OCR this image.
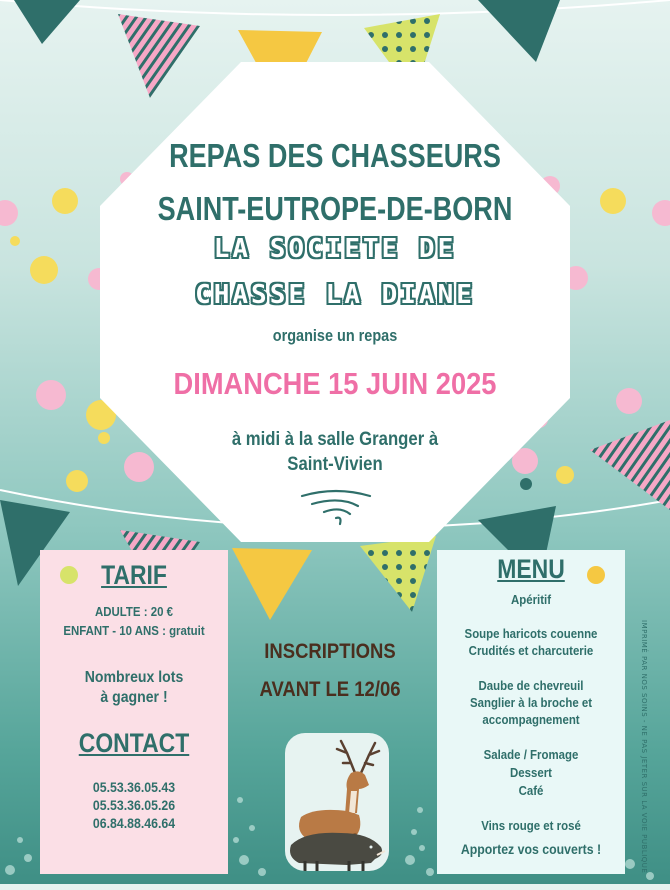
REPAS DES CHASSEURS
SAINT-EUTROPE-DE-BORN
LA SOCIETE DE
CHASSE LA DIANE
organise un repas
DIMANCHE 15 JUIN 2025
à midi à la salle Granger à
Saint-Vivien
TARIF
ADULTE : 20 €
ENFANT - 10 ANS : gratuit
Nombreux lots
à gagner !
CONTACT
05.53.36.05.43
05.53.36.05.26
06.84.88.46.64
INSCRIPTIONS
AVANT LE 12/06
MENU
Apéritif
Soupe haricots couenne
Crudités et charcuterie
Daube de chevreuil
Sanglier à la broche et
accompagnement
Salade / Fromage
Dessert
Café
Vins rouge et rosé
Apportez vos couverts !	IMPRIMÉ PAR NOS SOINS - NE PAS JETER SUR LA VOIE PUBLIQUE
